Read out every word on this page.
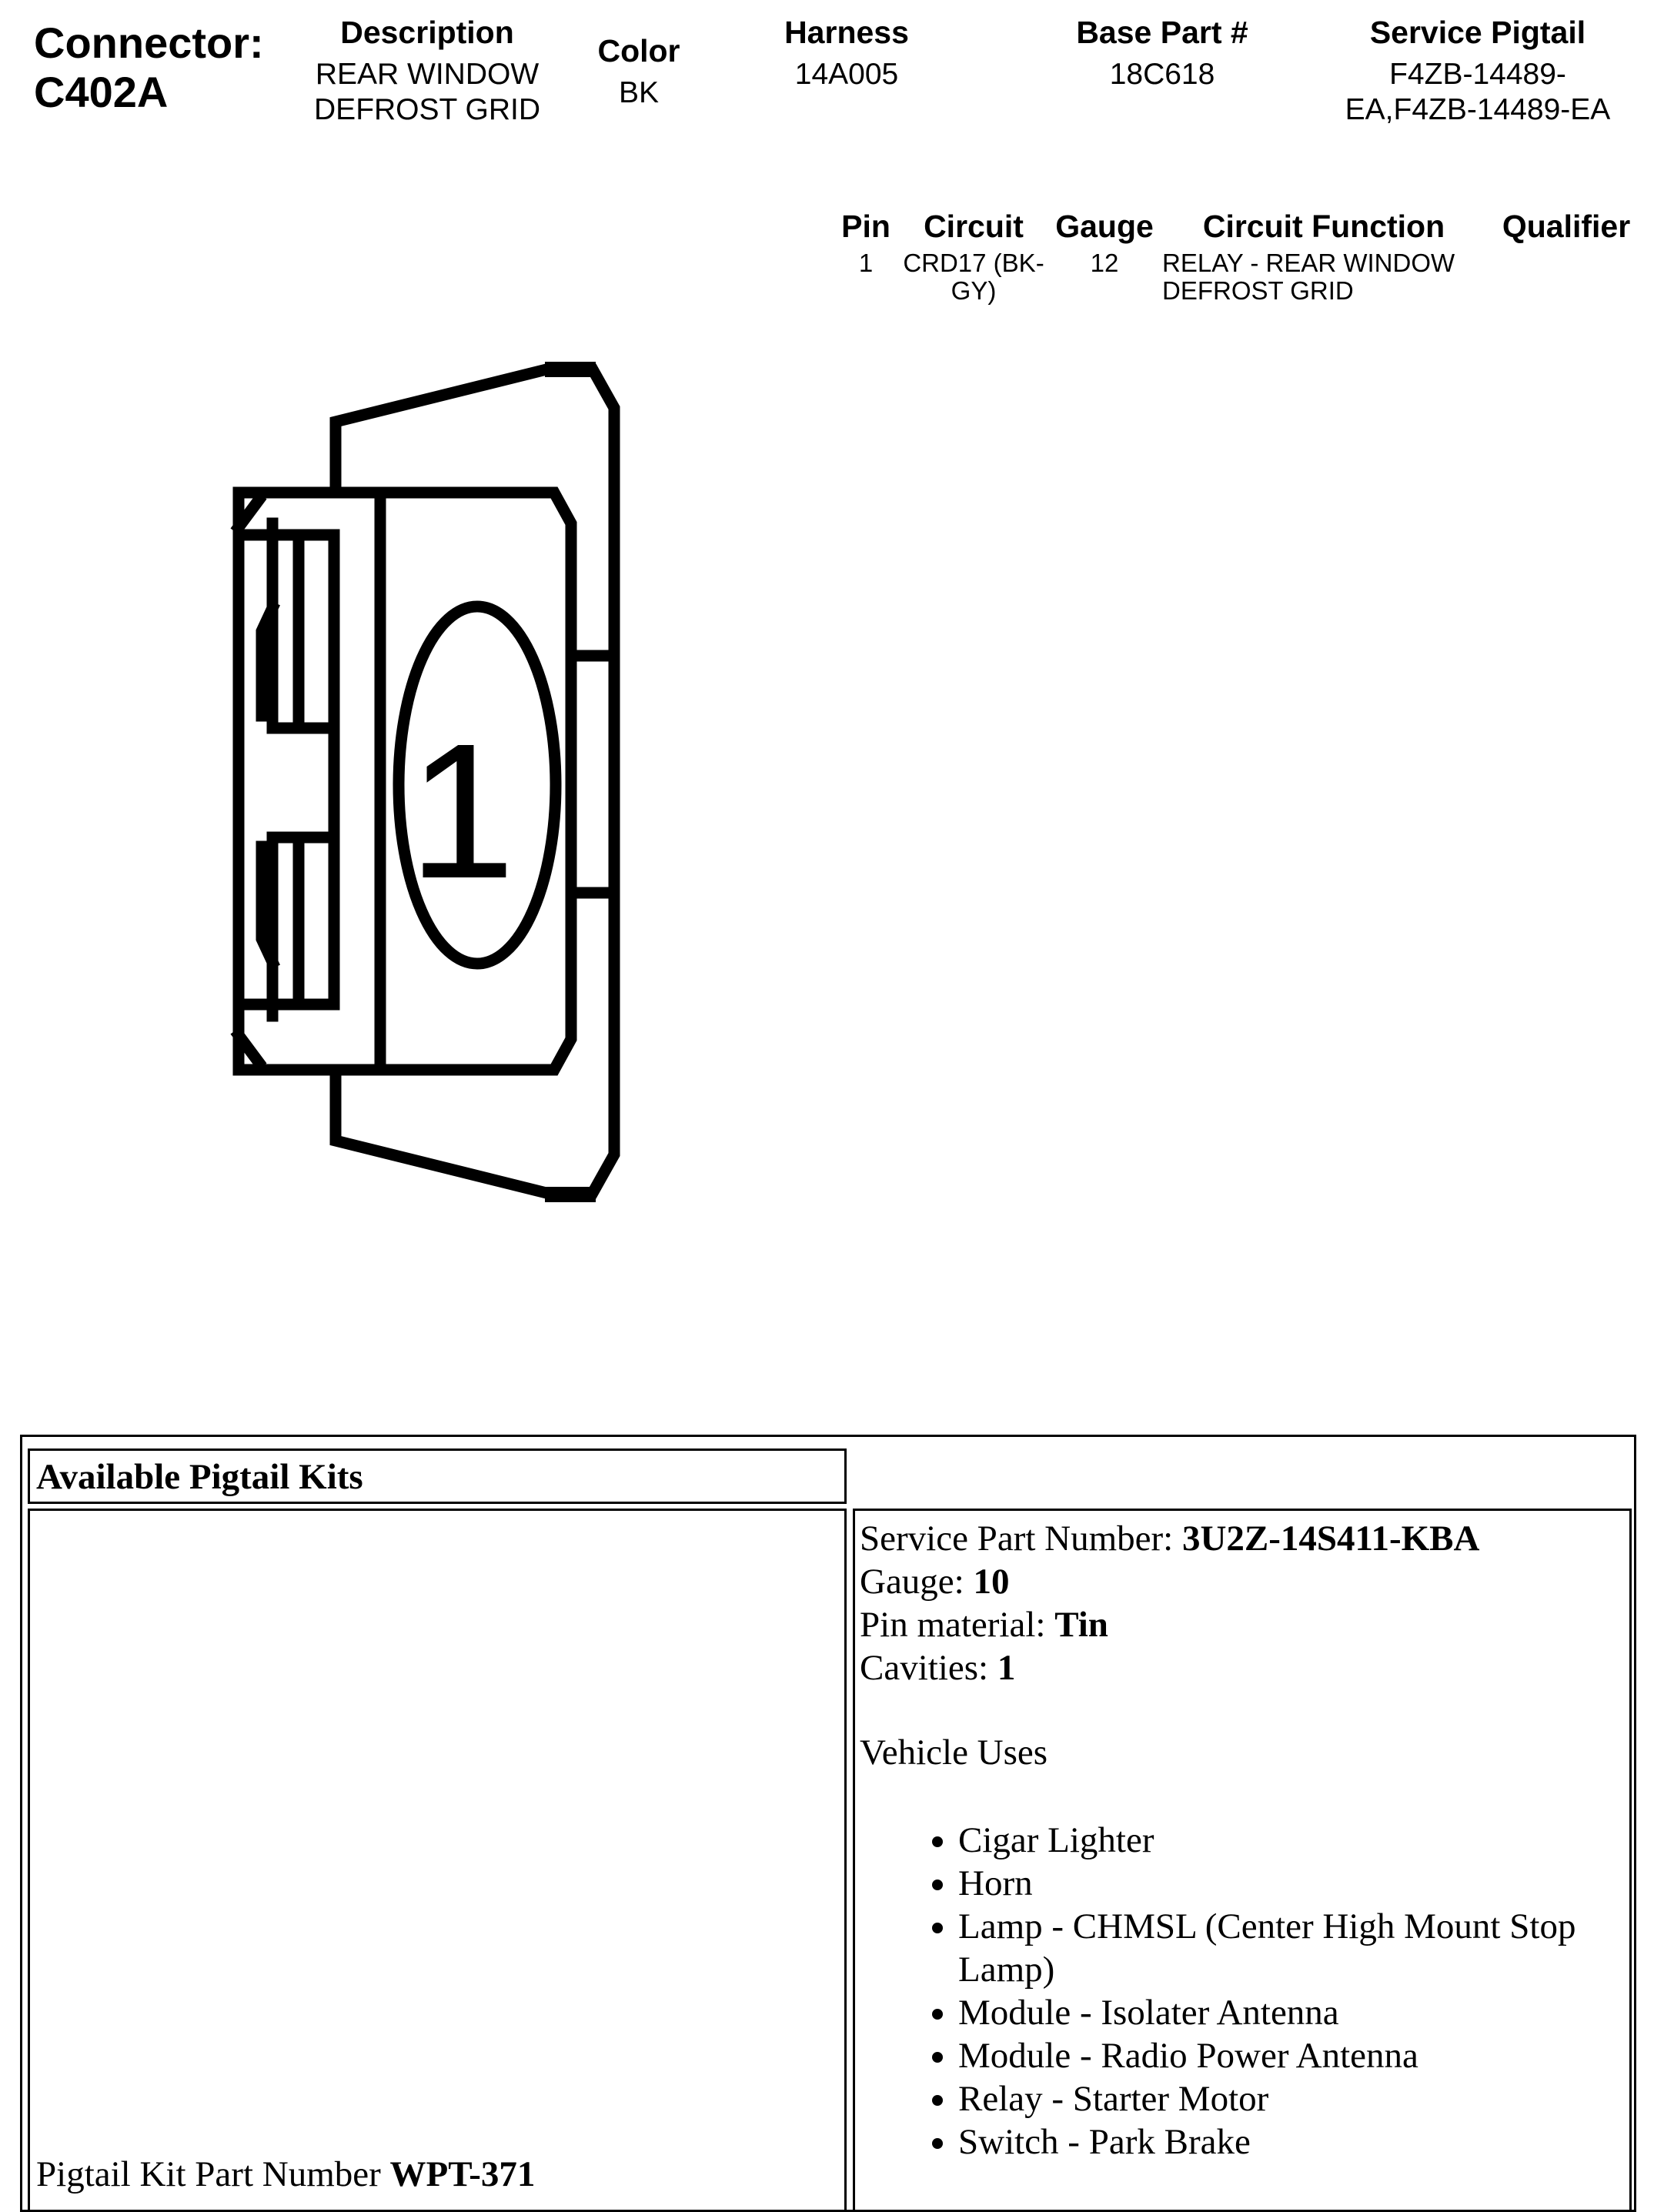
Connector:
C402A
Description
REAR WINDOW
DEFROST GRID
Color
BK
Harness
14A005
Base Part #
18C618
Service Pigtail
F4ZB-14489-
EA,F4ZB-14489-EA
Pin
1
Circuit
CRD17 (BK-
GY)
Gauge
12
Circuit Function
RELAY - REAR WINDOW
DEFROST GRID
Qualifier
1
Available Pigtail Kits
Pigtail Kit Part Number WPT-371
Service Part Number: 3U2Z-14S411-KBA
Gauge: 10
Pin material: Tin
Cavities: 1
Vehicle Uses
• Cigar Lighter
• Horn
• Lamp - CHMSL (Center High Mount Stop Lamp)
• Module - Isolater Antenna
• Module - Radio Power Antenna
• Relay - Starter Motor
• Switch - Park Brake
